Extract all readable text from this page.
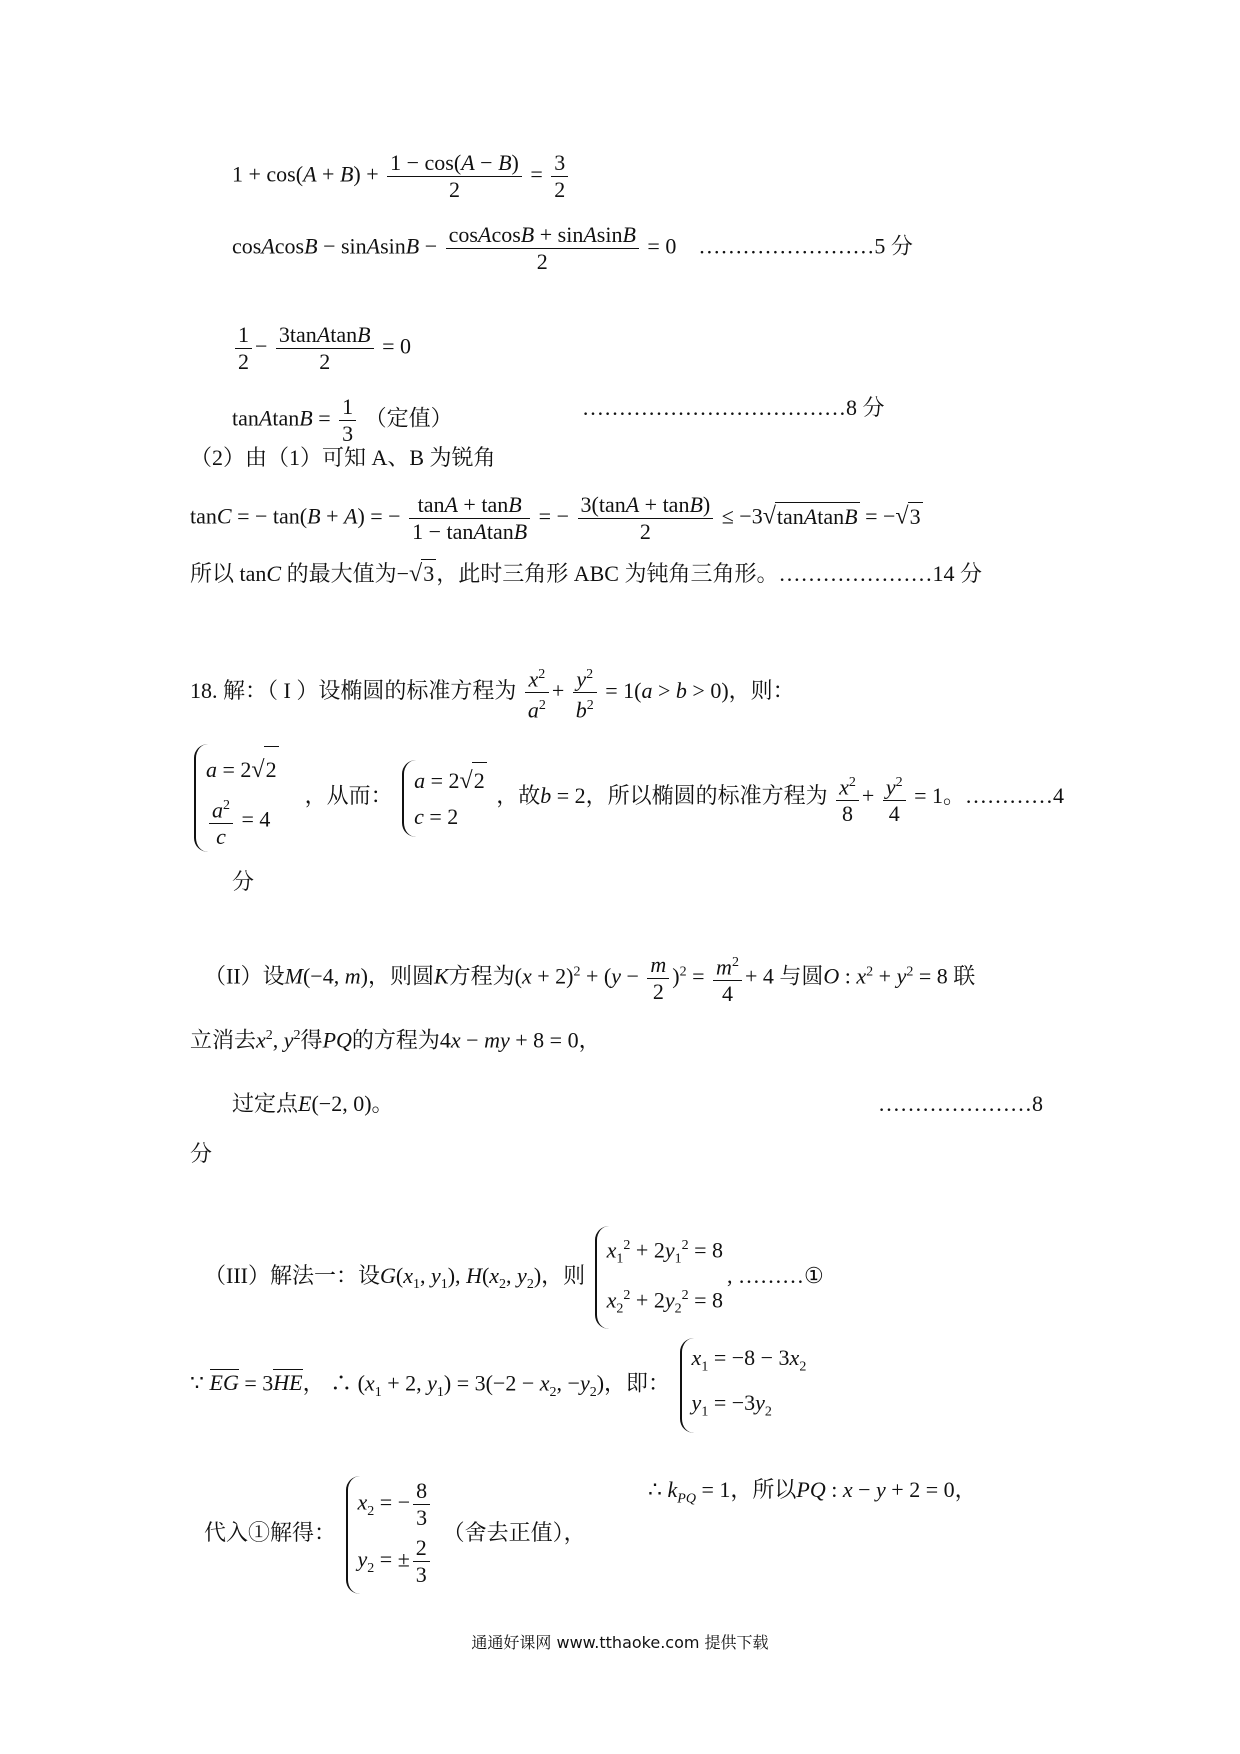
$1 + \cos(A + B) + \frac{1 - \cos(A - B)}{2} = \frac{3}{2}$
cosAcosB − sinAsinB − $\frac{\text{cosAcosB + sinAsinB}}{2} = 0$    ……………………5 分
$\frac{1}{2} - \frac{\text{3tanAtanB}}{2} = 0$
tanAtanB = $\frac{1}{3}$ （定值）	………………………………8 分
（2）由（1）可知 A、B 为锐角
tanC = − tan(B + A) = − $\frac{\tan A + \tan B}{\text{1 − tanAtanB}}$ = − $\frac{3(\tan A + \tan B)}{2}$ ≤ −3√tanAtanB = −√3
所以 tanC 的最大值为−√3，此时三角形 ABC 为钝角三角形。…………………14 分
18. 解：（ I ）设椭圆的标准方程为 $\frac{x^2}{a^2} + \frac{y^2}{b^2} = 1(a > b > 0)$，则：
a = 2√2
$\frac{a^2}{c} = 4$
，从而：
a = 2√2
c = 2
，故b = 2，所以椭圆的标准方程为 $\frac{x^2}{8} + \frac{y^2}{4} = 1$。…………4
分
（II）设M(−4, m)，则圆K方程为$(x + 2)^2 + (y - \frac{m}{2} )^2 = \frac{m^2}{4} + 4$ 与圆O : $x^2 + y^2 = 8$ 联
立消去$x^2$, $y^2$得PQ的方程为4x − my + 8 = 0，
过定点E(−2, 0)。	…………………8
分
（III）解法一：设$G(x_1$, $y_1$), $H(x_2$, $y_2$)，则
$x_1^2 + 2y_1^2 = 8$
$x_2^2 + 2y_2^2 = 8$
, ………①
∵ EG = 3HE， ∴ ($x_1 + 2$, $y_1) = 3(-2 - x_2$, $-y_2$)，即：
$x_1 = -8 - 3x_2$
$y_1 = -3y_2$
代入①解得：
$x_2$ = − $\frac{8}{3}$
$y_2$ = ± $\frac{2}{3}$
（舍去正值），
∴ $k_{PQ} = 1$，所以PQ : x − y + 2 = 0，
通通好课网 www.tthaoke.com 提供下载
